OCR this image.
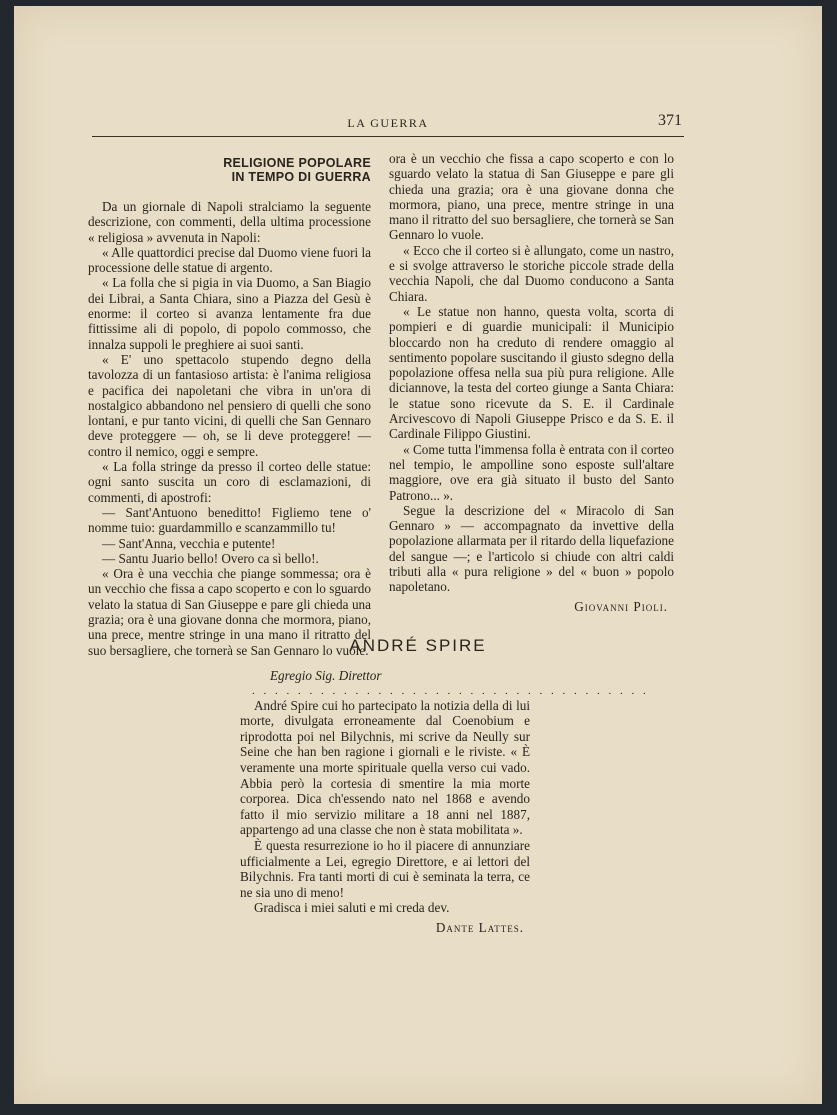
LA GUERRA	371
RELIGIONE POPOLARE
IN TEMPO DI GUERRA

Da un giornale di Napoli stralciamo la seguente descrizione, con commenti, della ultima processione « religiosa » avvenuta in Napoli:

« Alle quattordici precise dal Duomo viene fuori la processione delle statue di argento.

« La folla che si pigia in via Duomo, a San Biagio dei Librai, a Santa Chiara, sino a Piazza del Gesù è enorme: il corteo si avanza lentamente fra due fittissime ali di popolo, di popolo commosso, che innalza suppoli le preghiere ai suoi santi.

« E' uno spettacolo stupendo degno della tavolozza di un fantasioso artista: è l'anima religiosa e pacifica dei napoletani che vibra in un'ora di nostalgico abbandono nel pensiero di quelli che sono lontani, e pur tanto vicini, di quelli che San Gennaro deve proteggere — oh, se li deve proteggere! — contro il nemico, oggi e sempre.

« La folla stringe da presso il corteo delle statue: ogni santo suscita un coro di esclamazioni, di commenti, di apostrofi:

— Sant'Antuono beneditto! Figliemo tene o' nomme tuio: guardammillo e scanzammillo tu!

— Sant'Anna, vecchia e putente!

— Santu Juario bello! Overo ca sì bello!.

« Ora è una vecchia che piange sommessa; ora è un vecchio che fissa a capo scoperto e con lo sguardo velato la statua di San Giuseppe e pare gli chieda una grazia; ora è una giovane donna che mormora, piano, una prece, mentre stringe in una mano il ritratto del suo bersagliere, che tornerà se San Gennaro lo vuole.

ora è un vecchio che fissa a capo scoperto e con lo sguardo velato la statua di San Giuseppe e pare gli chieda una grazia; ora è una giovane donna che mormora, piano, una prece, mentre stringe in una mano il ritratto del suo bersagliere, che tornerà se San Gennaro lo vuole.

« Ecco che il corteo si è allungato, come un nastro, e si svolge attraverso le storiche piccole strade della vecchia Napoli, che dal Duomo conducono a Santa Chiara.

« Le statue non hanno, questa volta, scorta di pompieri e di guardie municipali: il Municipio bloccardo non ha creduto di rendere omaggio al sentimento popolare suscitando il giusto sdegno della popolazione offesa nella sua più pura religione. Alle diciannove, la testa del corteo giunge a Santa Chiara: le statue sono ricevute da S. E. il Cardinale Arcivescovo di Napoli Giuseppe Prisco e da S. E. il Cardinale Filippo Giustini.

« Come tutta l'immensa folla è entrata con il corteo nel tempio, le ampolline sono esposte sull'altare maggiore, ove era già situato il busto del Santo Patrono... ».

Segue la descrizione del « Miracolo di San Gennaro » — accompagnato da invettive della popolazione allarmata per il ritardo della liquefazione del sangue —; e l'articolo si chiude con altri caldi tributi alla « pura religione » del « buon » popolo napoletano.

Giovanni Pioli.
ANDRÉ SPIRE

Egregio Sig. Direttor

. . . . . . . . . . . . . . . . . . . . . . . . . . . . . . . . . . .

André Spire cui ho partecipato la notizia della di lui morte, divulgata erroneamente dal Coenobium e riprodotta poi nel Bilychnis, mi scrive da Neully sur Seine che han ben ragione i giornali e le riviste. « È veramente una morte spirituale quella verso cui vado. Abbia però la cortesia di smentire la mia morte corporea. Dica ch'essendo nato nel 1868 e avendo fatto il mio servizio militare a 18 anni nel 1887, appartengo ad una classe che non è stata mobilitata ».

È questa resurrezione io ho il piacere di annunziare ufficialmente a Lei, egregio Direttore, e ai lettori del Bilychnis. Fra tanti morti di cui è seminata la terra, ce ne sia uno di meno!

Gradisca i miei saluti e mi creda dev.

Dante Lattes.
